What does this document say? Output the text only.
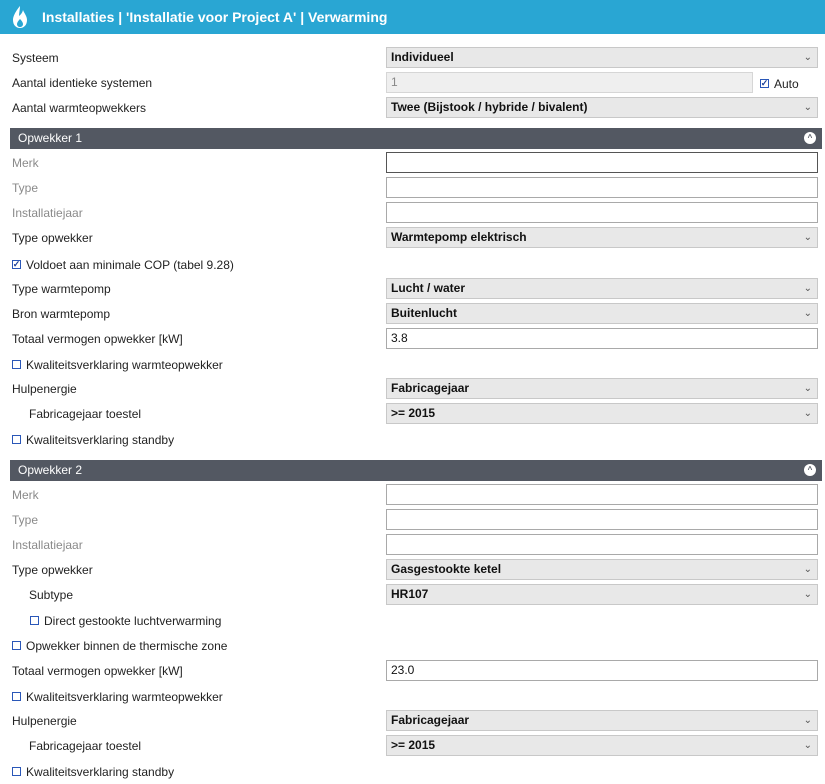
Installaties | 'Installatie voor Project A' | Verwarming
Systeem	Individueel	⌄
Aantal identieke systemen	1	✓ Auto
Aantal warmteopwekkers	Twee (Bijstook / hybride / bivalent)	⌄
Opwekker 1	^
Merk
Type
Installatiejaar
Type opwekker	Warmtepomp elektrisch	⌄
✓ Voldoet aan minimale COP (tabel 9.28)
Type warmtepomp	Lucht / water	⌄
Bron warmtepomp	Buitenlucht	⌄
Totaal vermogen opwekker [kW]	3.8
Kwaliteitsverklaring warmteopwekker
Hulpenergie	Fabricagejaar	⌄
Fabricagejaar toestel	>= 2015	⌄
Kwaliteitsverklaring standby
Opwekker 2	^
Merk
Type
Installatiejaar
Type opwekker	Gasgestookte ketel	⌄
Subtype	HR107	⌄
Direct gestookte luchtverwarming
Opwekker binnen de thermische zone
Totaal vermogen opwekker [kW]	23.0
Kwaliteitsverklaring warmteopwekker
Hulpenergie	Fabricagejaar	⌄
Fabricagejaar toestel	>= 2015	⌄
Kwaliteitsverklaring standby
